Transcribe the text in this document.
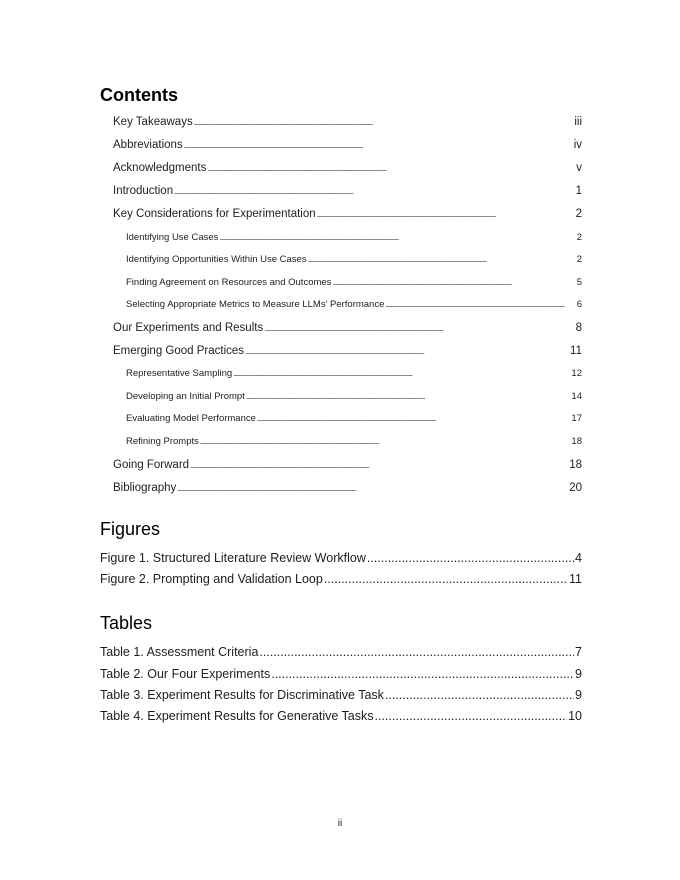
Contents
Key Takeaways . . .	iii
Abbreviations . . .	iv
Acknowledgments . . .	v
Introduction . . .	1
Key Considerations for Experimentation . . .	2
Identifying Use Cases . . .	2
Identifying Opportunities Within Use Cases . . .	2
Finding Agreement on Resources and Outcomes . . .	5
Selecting Appropriate Metrics to Measure LLMs’ Performance . . .	6
Our Experiments and Results . . .	8
Emerging Good Practices . . .	11
Representative Sampling . . .	12
Developing an Initial Prompt . . .	14
Evaluating Model Performance . . .	17
Refining Prompts . . .	18
Going Forward . . .	18
Bibliography . . .	20
Figures
Figure 1. Structured Literature Review Workflow .....	4
Figure 2. Prompting and Validation Loop .....	11
Tables
Table 1. Assessment Criteria .....	7
Table 2. Our Four Experiments .....	9
Table 3. Experiment Results for Discriminative Task .....	9
Table 4. Experiment Results for Generative Tasks .....	10
ii
